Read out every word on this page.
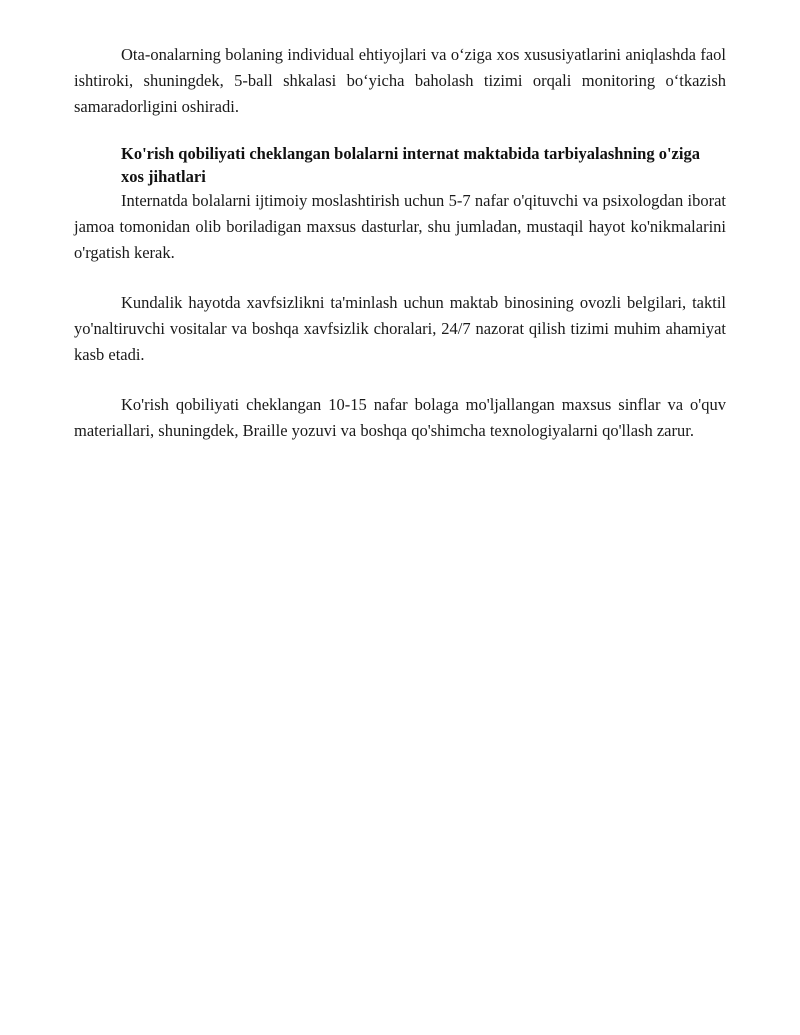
Ota-onalarning bolaning individual ehtiyojlari va o‘ziga xos xususiyatlarini aniqlashda faol ishtiroki, shuningdek, 5-ball shkalasi bo‘yicha baholash tizimi orqali monitoring o‘tkazish samaradorligini oshiradi.

Ko'rish qobiliyati cheklangan bolalarni internat maktabida tarbiyalashning o'ziga xos jihatlari

Internatda bolalarni ijtimoiy moslashtirish uchun 5-7 nafar o'qituvchi va psixologdan iborat jamoa tomonidan olib boriladigan maxsus dasturlar, shu jumladan, mustaqil hayot ko'nikmalarini o'rgatish kerak.

Kundalik hayotda xavfsizlikni ta'minlash uchun maktab binosining ovozli belgilari, taktil yo'naltiruvchi vositalar va boshqa xavfsizlik choralari, 24/7 nazorat qilish tizimi muhim ahamiyat kasb etadi.

Ko'rish qobiliyati cheklangan 10-15 nafar bolaga mo'ljallangan maxsus sinflar va o'quv materiallari, shuningdek, Braille yozuvi va boshqa qo'shimcha texnologiyalarni qo'llash zarur.
